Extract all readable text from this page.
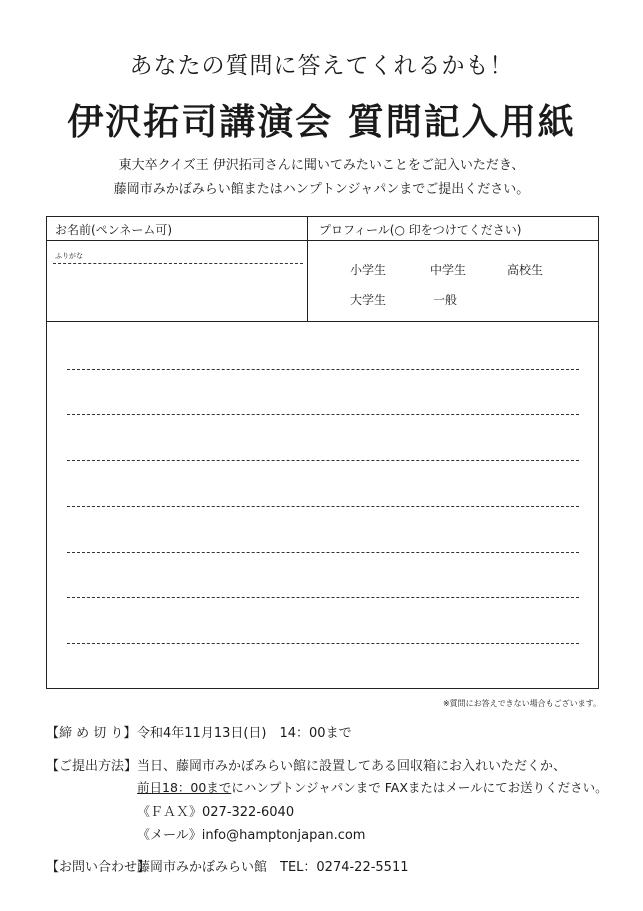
あなたの質問に答えてくれるかも！
伊沢拓司講演会 質問記入用紙
東大卒クイズ王 伊沢拓司さんに聞いてみたいことをご記入いただき、
藤岡市みかぼみらい館またはハンプトンジャパンまでご提出ください。
お名前(ペンネーム可)	プロフィール(○ 印をつけてください)
ふりがな
小学生	中学生	高校生
大学生	一般
※質問にお答えできない場合もございます。
【締 め 切 り】 令和4年11月13日(日)　14：00まで
【ご提出方法】 当日、藤岡市みかぼみらい館に設置してある回収箱にお入れいただくか、
前日18：00までにハンプトンジャパンまで FAXまたはメールにてお送りください。
《ＦＡＸ》027-322-6040
《メール》info@hamptonjapan.com
【お問い合わせ】
藤岡市みかぼみらい館　TEL：0274-22-5511
